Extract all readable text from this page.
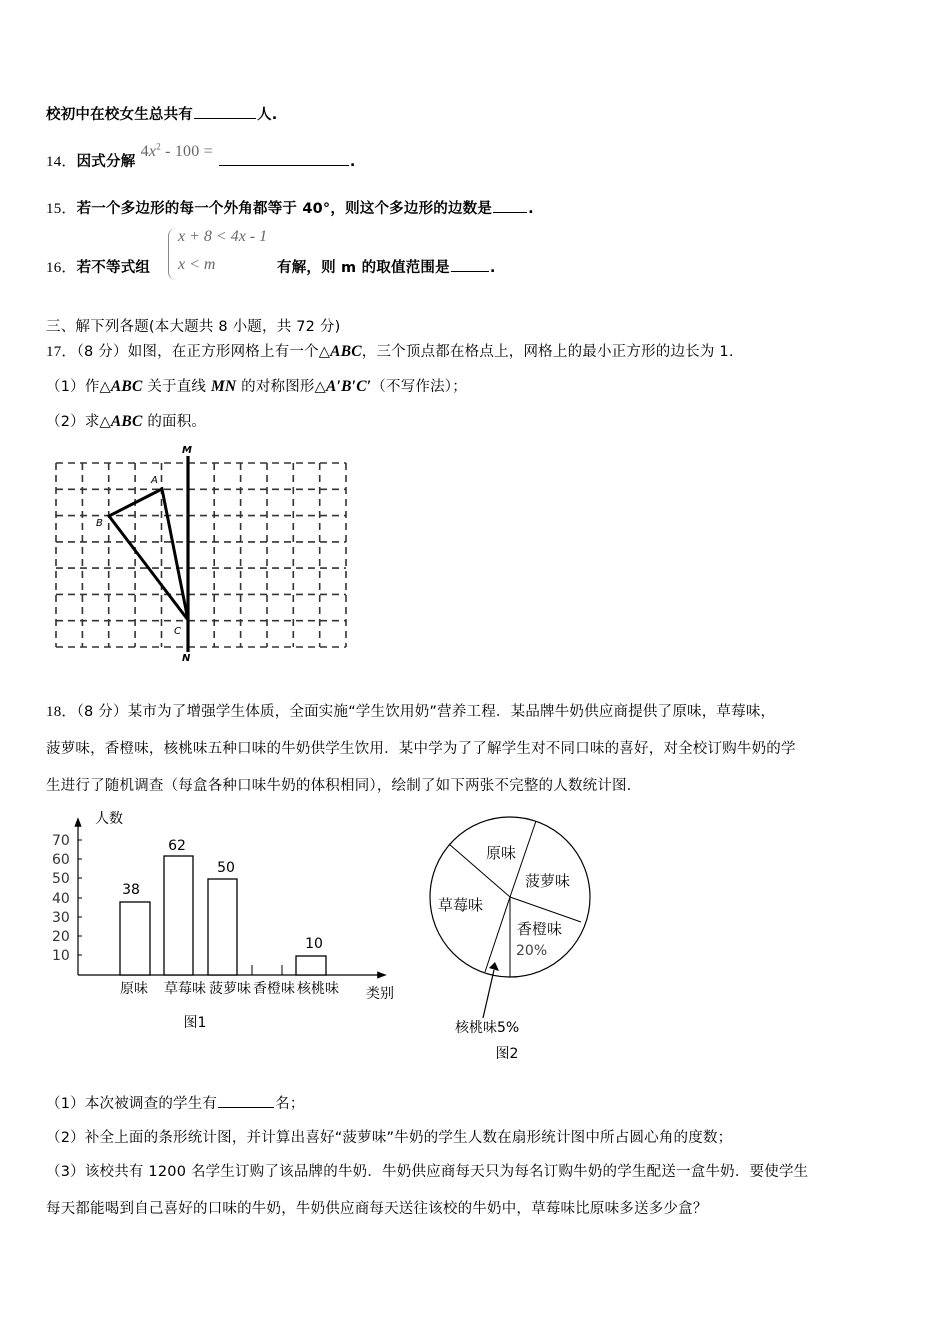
校初中在校女生总共有	人.
14．因式分解 $4x^2 - 100$ =.
15．若一个多边形的每一个外角都等于 40°，则这个多边形的边数是 .
16．若不等式组
x + 8 < 4x - 1
x < m	有解，则 m 的取值范围是	.
三、解下列各题(本大题共 8 小题，共 72 分)
17．（8 分）如图，在正方形网格上有一个△ABC，三个顶点都在格点上，网格上的最小正方形的边长为 1.
（1）作△ABC 关于直线 MN 的对称图形△A′B′C′（不写作法）；
（2）求△ABC 的面积。
M
N
A
B
C
18．（8 分）某市为了增强学生体质，全面实施“学生饮用奶”营养工程．某品牌牛奶供应商提供了原味，草莓味，
菠萝味，香橙味，核桃味五种口味的牛奶供学生饮用．某中学为了了解学生对不同口味的喜好，对全校订购牛奶的学
生进行了随机调查（每盒各种口味牛奶的体积相同），绘制了如下两张不完整的人数统计图．
人数
70
60
50
40
30
20
10
38
62
50
10
原味 草莓味 菠萝味 香橙味 核桃味 类别
图1
原味
菠萝味
草莓味
香橙味
20%
核桃味5%
图2
（1）本次被调查的学生有	名；
（2）补全上面的条形统计图，并计算出喜好“菠萝味”牛奶的学生人数在扇形统计图中所占圆心角的度数；
（3）该校共有 1200 名学生订购了该品牌的牛奶．牛奶供应商每天只为每名订购牛奶的学生配送一盒牛奶．要使学生
每天都能喝到自己喜好的口味的牛奶，牛奶供应商每天送往该校的牛奶中，草莓味比原味多送多少盒？
